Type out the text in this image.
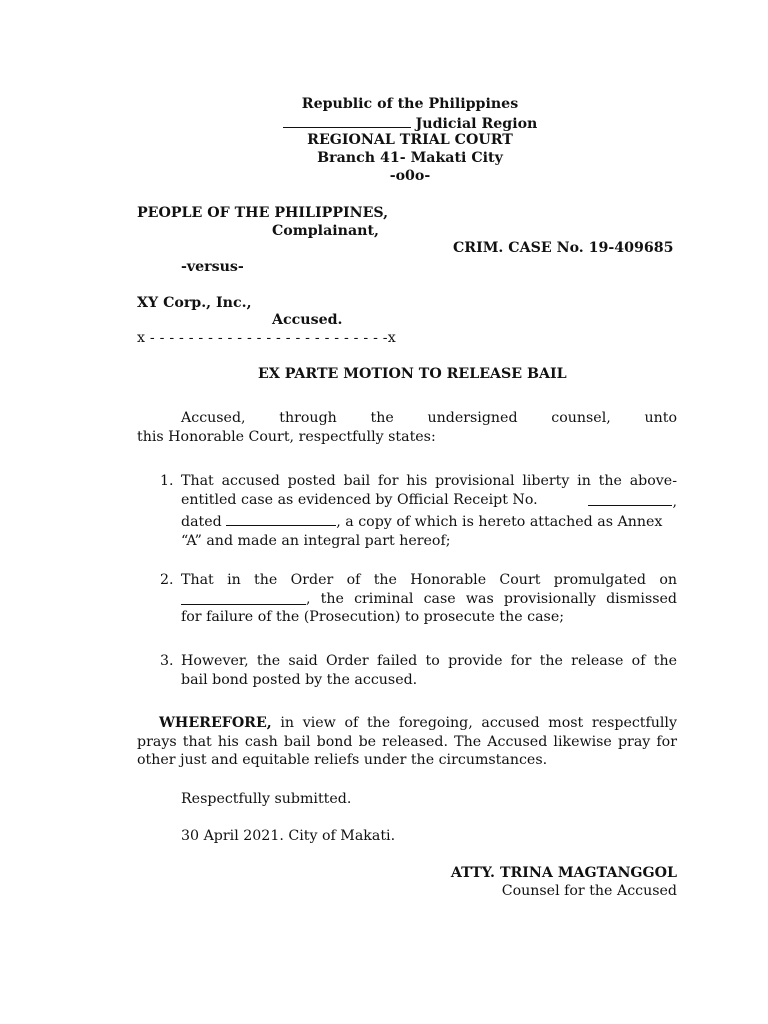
Republic of the Philippines
Judicial Region
REGIONAL TRIAL COURT
Branch 41- Makati City
-o0o-
PEOPLE OF THE PHILIPPINES,
Complainant,
CRIM. CASE No. 19-409685
-versus-
XY Corp., Inc.,
Accused.
x - - - - - - - - - - - - - - - - - - - - - - - - -x
EX PARTE MOTION TO RELEASE BAIL
Accused, through the undersigned counsel, unto
this Honorable Court, respectfully states:
1. That accused posted bail for his provisional liberty in the above-
entitled case as evidenced by Official Receipt No.	,
dated	, a copy of which is hereto attached as Annex
“A” and made an integral part hereof;
2. That in the Order of the Honorable Court promulgated on
, the criminal case was provisionally dismissed
for failure of the (Prosecution) to prosecute the case;
3. However, the said Order failed to provide for the release of the
bail bond posted by the accused.
WHEREFORE, in view of the foregoing, accused most respectfully
prays that his cash bail bond be released. The Accused likewise pray for
other just and equitable reliefs under the circumstances.
Respectfully submitted.
30 April 2021. City of Makati.
ATTY. TRINA MAGTANGGOL
Counsel for the Accused
